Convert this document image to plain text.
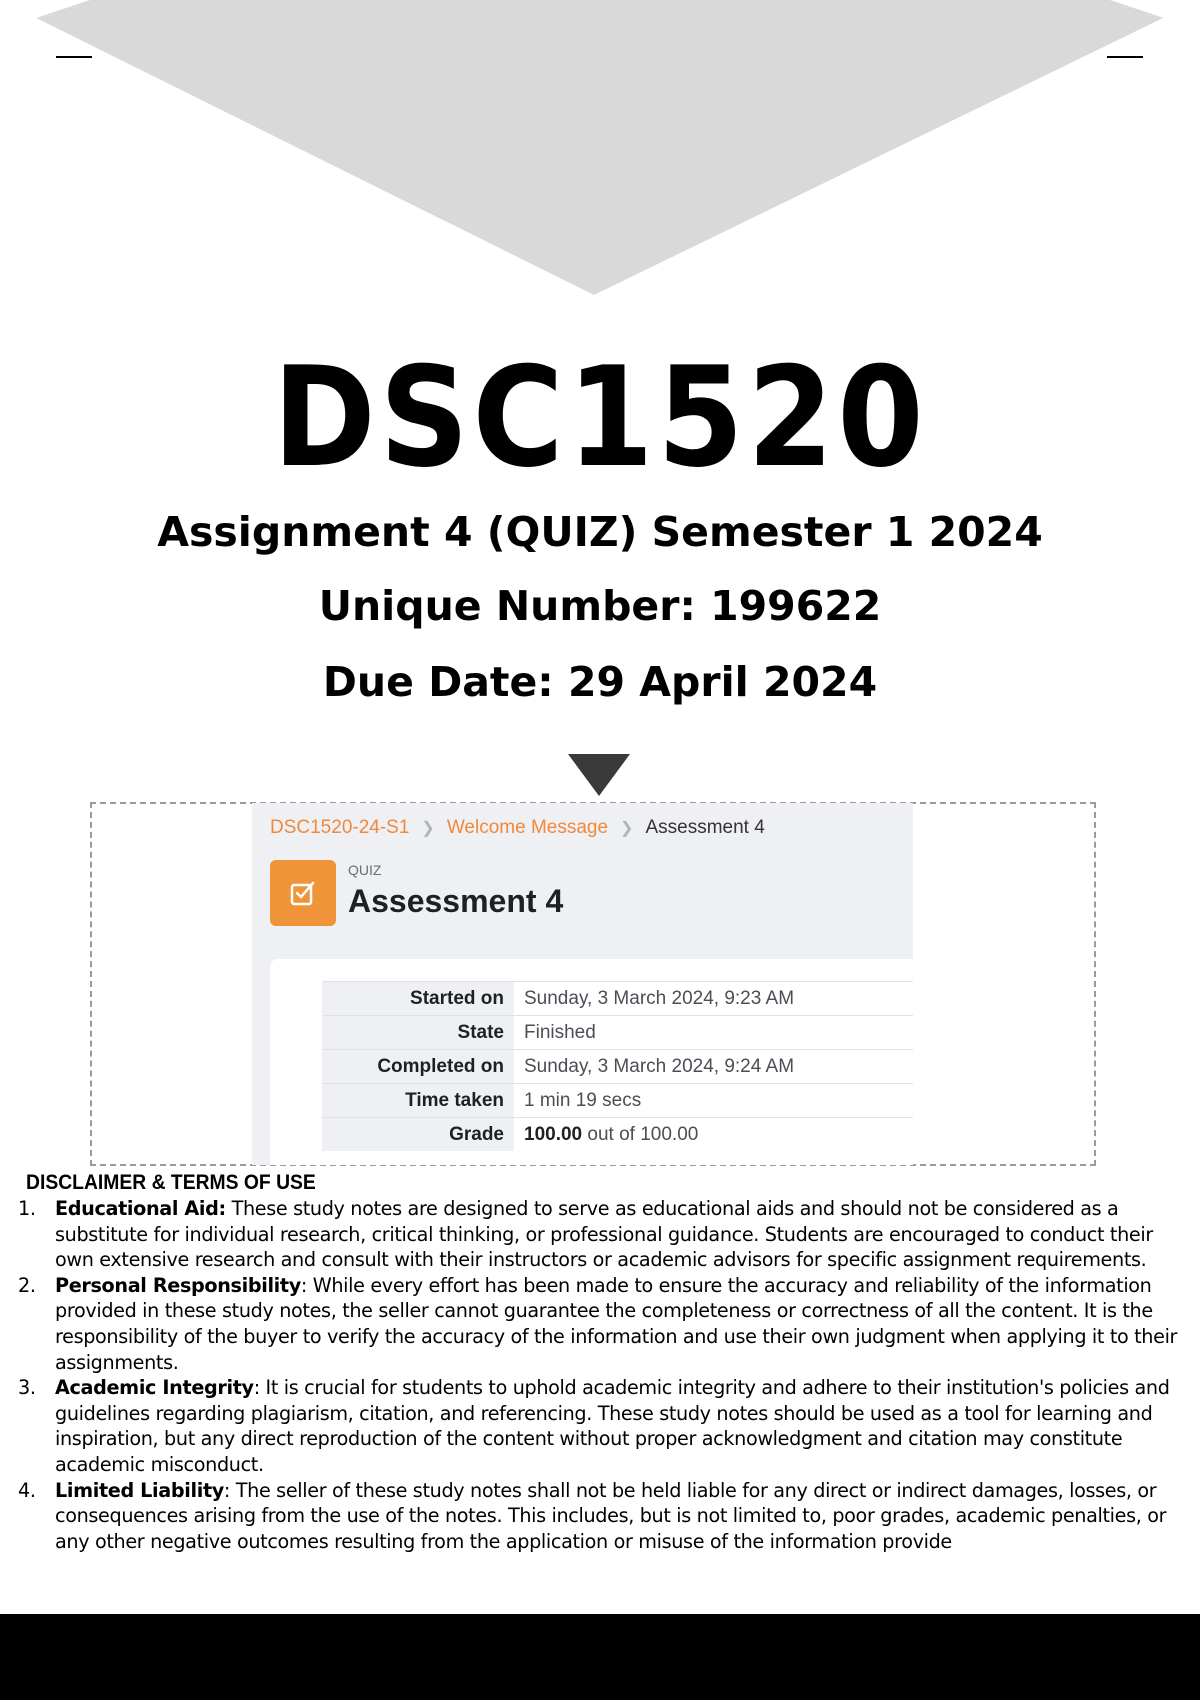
DSC1520
Assignment 4 (QUIZ) Semester 1 2024
Unique Number: 199622
Due Date: 29 April 2024
DSC1520-24-S1 ❯ Welcome Message ❯ Assessment 4
QUIZ
Assessment 4
Started on	Sunday, 3 March 2024, 9:23 AM
State	Finished
Completed on	Sunday, 3 March 2024, 9:24 AM
Time taken	1 min 19 secs
Grade	100.00 out of 100.00
DISCLAIMER & TERMS OF USE

1. Educational Aid: These study notes are designed to serve as educational aids and should not be considered as a substitute for individual research, critical thinking, or professional guidance. Students are encouraged to conduct their own extensive research and consult with their instructors or academic advisors for specific assignment requirements.

2. Personal Responsibility: While every effort has been made to ensure the accuracy and reliability of the information provided in these study notes, the seller cannot guarantee the completeness or correctness of all the content. It is the responsibility of the buyer to verify the accuracy of the information and use their own judgment when applying it to their assignments.

3. Academic Integrity: It is crucial for students to uphold academic integrity and adhere to their institution's policies and guidelines regarding plagiarism, citation, and referencing. These study notes should be used as a tool for learning and inspiration, but any direct reproduction of the content without proper acknowledgment and citation may constitute academic misconduct.

4. Limited Liability: The seller of these study notes shall not be held liable for any direct or indirect damages, losses, or consequences arising from the use of the notes. This includes, but is not limited to, poor grades, academic penalties, or any other negative outcomes resulting from the application or misuse of the information provide
